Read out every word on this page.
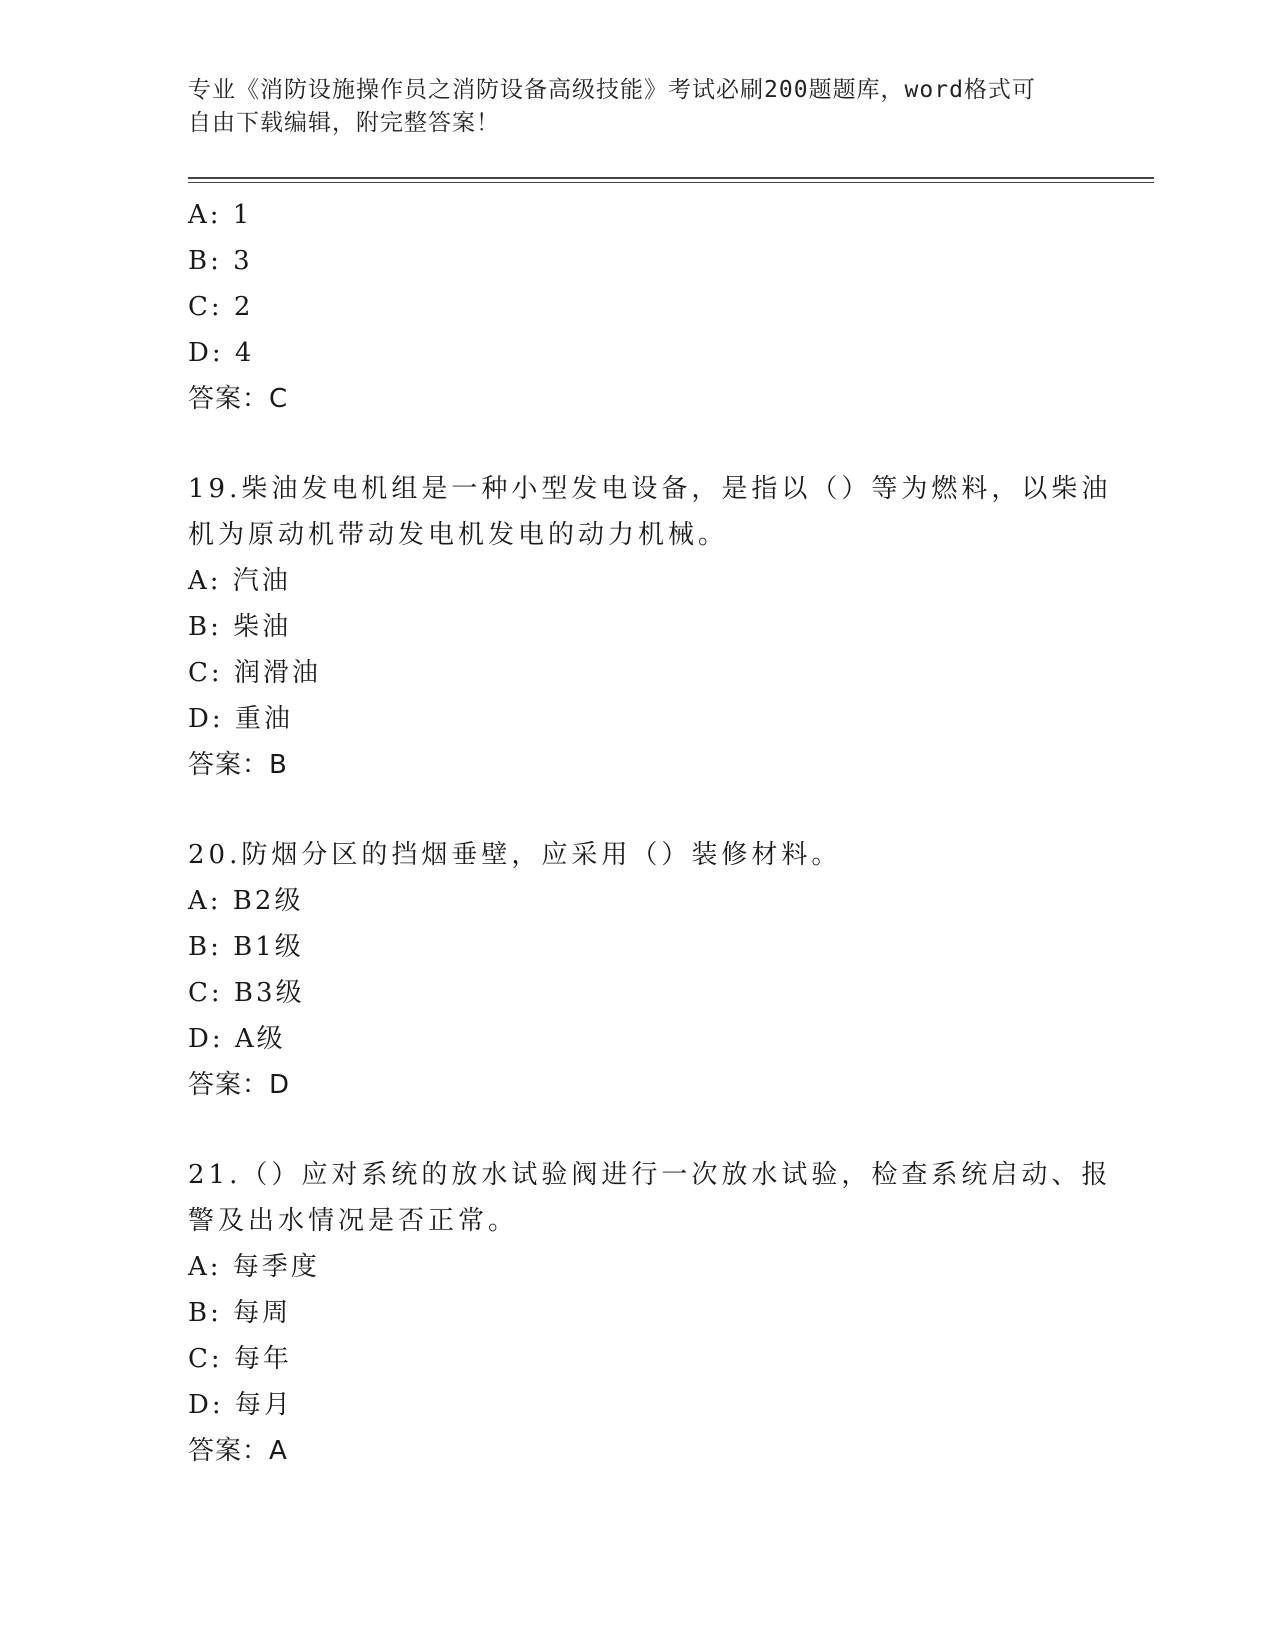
专业《消防设施操作员之消防设备高级技能》考试必刷200题题库，word格式可
自由下载编辑，附完整答案！
A: 1
B: 3
C: 2
D: 4
答案：C
19.柴油发电机组是一种小型发电设备，是指以（）等为燃料，以柴油
机为原动机带动发电机发电的动力机械。
A: 汽油
B: 柴油
C: 润滑油
D: 重油
答案：B
20.防烟分区的挡烟垂壁，应采用（）装修材料。
A: B2级
B: B1级
C: B3级
D: A级
答案：D
21.（）应对系统的放水试验阀进行一次放水试验，检查系统启动、报
警及出水情况是否正常。
A: 每季度
B: 每周
C: 每年
D: 每月
答案：A
